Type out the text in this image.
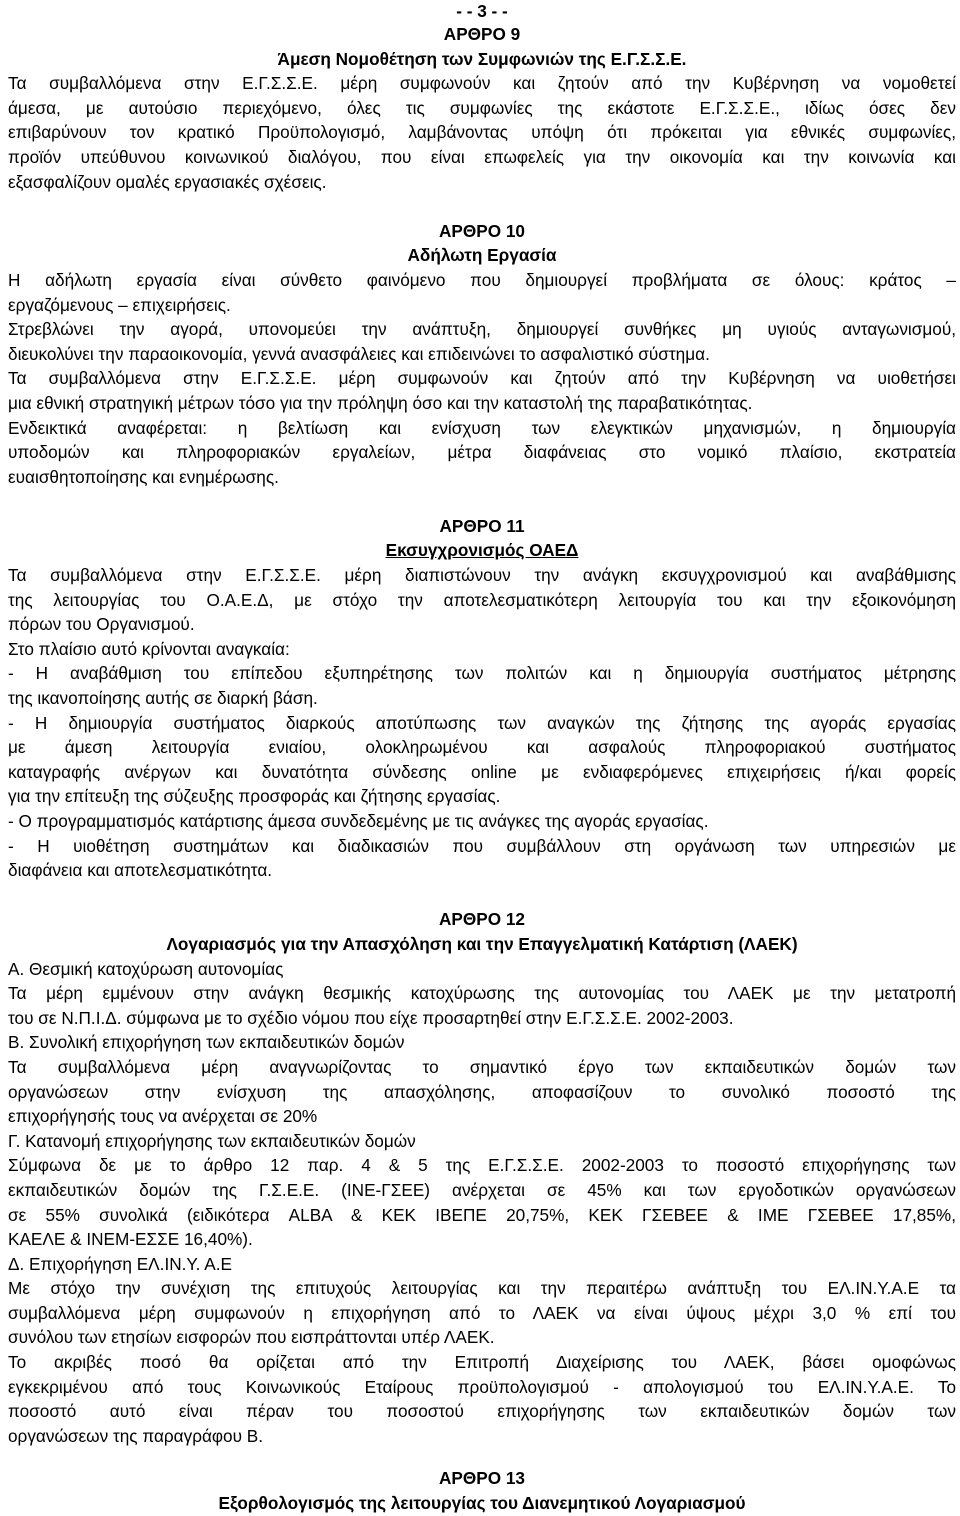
- - 3 - -
ΑΡΘΡΟ 9
Άμεση Νομοθέτηση των Συμφωνιών της Ε.Γ.Σ.Σ.Ε.
Τα συμβαλλόμενα στην Ε.Γ.Σ.Σ.Ε. μέρη συμφωνούν και ζητούν από την Κυβέρνηση να νομοθετεί
άμεσα, με αυτούσιο περιεχόμενο, όλες τις συμφωνίες της εκάστοτε Ε.Γ.Σ.Σ.Ε., ιδίως όσες δεν
επιβαρύνουν τον κρατικό Προϋπολογισμό, λαμβάνοντας υπόψη ότι πρόκειται για εθνικές συμφωνίες,
προϊόν υπεύθυνου κοινωνικού διαλόγου, που είναι επωφελείς για την οικονομία και την κοινωνία και
εξασφαλίζουν ομαλές εργασιακές σχέσεις.
ΑΡΘΡΟ 10
Αδήλωτη Εργασία
Η αδήλωτη εργασία είναι σύνθετο φαινόμενο που δημιουργεί προβλήματα σε όλους: κράτος –
εργαζόμενους – επιχειρήσεις.
Στρεβλώνει την αγορά, υπονομεύει την ανάπτυξη, δημιουργεί συνθήκες μη υγιούς ανταγωνισμού,
διευκολύνει την παραοικονομία, γεννά ανασφάλειες και επιδεινώνει το ασφαλιστικό σύστημα.
Τα συμβαλλόμενα στην Ε.Γ.Σ.Σ.Ε. μέρη συμφωνούν και ζητούν από την Κυβέρνηση να υιοθετήσει
μια εθνική στρατηγική μέτρων τόσο για την πρόληψη όσο και την καταστολή της παραβατικότητας.
Ενδεικτικά αναφέρεται: η βελτίωση και ενίσχυση των ελεγκτικών μηχανισμών, η δημιουργία
υποδομών και πληροφοριακών εργαλείων, μέτρα διαφάνειας στο νομικό πλαίσιο, εκστρατεία
ευαισθητοποίησης και ενημέρωσης.
ΑΡΘΡΟ 11
Εκσυγχρονισμός ΟΑΕΔ
Τα συμβαλλόμενα στην Ε.Γ.Σ.Σ.Ε. μέρη διαπιστώνουν την ανάγκη εκσυγχρονισμού και αναβάθμισης
της λειτουργίας του Ο.Α.Ε.Δ, με στόχο την αποτελεσματικότερη λειτουργία του και την εξοικονόμηση
πόρων του Οργανισμού.
Στο πλαίσιο αυτό κρίνονται αναγκαία:
- Η αναβάθμιση του επίπεδου εξυπηρέτησης των πολιτών και η δημιουργία συστήματος μέτρησης
της ικανοποίησης αυτής σε διαρκή βάση.
- Η δημιουργία συστήματος διαρκούς αποτύπωσης των αναγκών της ζήτησης της αγοράς εργασίας
με άμεση λειτουργία ενιαίου, ολοκληρωμένου και ασφαλούς πληροφοριακού συστήματος
καταγραφής ανέργων και δυνατότητα σύνδεσης online με ενδιαφερόμενες επιχειρήσεις ή/και φορείς
για την επίτευξη της σύζευξης προσφοράς και ζήτησης εργασίας.
- Ο προγραμματισμός κατάρτισης άμεσα συνδεδεμένης με τις ανάγκες της αγοράς εργασίας.
- Η υιοθέτηση συστημάτων και διαδικασιών που συμβάλλουν στη οργάνωση των υπηρεσιών με
διαφάνεια και αποτελεσματικότητα.
ΑΡΘΡΟ 12
Λογαριασμός για την Απασχόληση και την Επαγγελματική Κατάρτιση (ΛΑΕΚ)
Α. Θεσμική κατοχύρωση αυτονομίας
Τα μέρη εμμένουν στην ανάγκη θεσμικής κατοχύρωσης της αυτονομίας του ΛΑΕΚ με την μετατροπή
του σε Ν.Π.Ι.Δ. σύμφωνα με το σχέδιο νόμου που είχε προσαρτηθεί στην Ε.Γ.Σ.Σ.Ε. 2002-2003.
Β. Συνολική επιχορήγηση των εκπαιδευτικών δομών
Τα συμβαλλόμενα μέρη αναγνωρίζοντας το σημαντικό έργο των εκπαιδευτικών δομών των
οργανώσεων στην ενίσχυση της απασχόλησης, αποφασίζουν το συνολικό ποσοστό της
επιχορήγησής τους να ανέρχεται σε 20%
Γ. Κατανομή επιχορήγησης των εκπαιδευτικών δομών
Σύμφωνα δε με το άρθρο 12 παρ. 4 & 5 της Ε.Γ.Σ.Σ.Ε. 2002-2003 το ποσοστό επιχορήγησης των
εκπαιδευτικών δομών της Γ.Σ.Ε.Ε. (ΙΝΕ-ΓΣΕΕ) ανέρχεται σε 45% και των εργοδοτικών οργανώσεων
σε 55% συνολικά (ειδικότερα ALBA & ΚΕΚ ΙΒΕΠΕ 20,75%, ΚΕΚ ΓΣΕΒΕΕ & ΙΜΕ ΓΣΕΒΕΕ 17,85%,
ΚΑΕΛΕ & ΙΝΕΜ-ΕΣΣΕ 16,40%).
Δ. Επιχορήγηση ΕΛ.ΙΝ.Υ. Α.Ε
Με στόχο την συνέχιση της επιτυχούς λειτουργίας και την περαιτέρω ανάπτυξη του ΕΛ.ΙΝ.Υ.Α.Ε τα
συμβαλλόμενα μέρη συμφωνούν η επιχορήγηση από το ΛΑΕΚ να είναι ύψους μέχρι 3,0 % επί του
συνόλου των ετησίων εισφορών που εισπράττονται υπέρ ΛΑΕΚ.
Το ακριβές ποσό θα ορίζεται από την Επιτροπή Διαχείρισης του ΛΑΕΚ, βάσει ομοφώνως
εγκεκριμένου από τους Κοινωνικούς Εταίρους προϋπολογισμού - απολογισμού του ΕΛ.ΙΝ.Υ.Α.Ε. Το
ποσοστό αυτό είναι πέραν του ποσοστού επιχορήγησης των εκπαιδευτικών δομών των
οργανώσεων της παραγράφου Β.
ΑΡΘΡΟ 13
Εξορθολογισμός της λειτουργίας του Διανεμητικού Λογαριασμού
